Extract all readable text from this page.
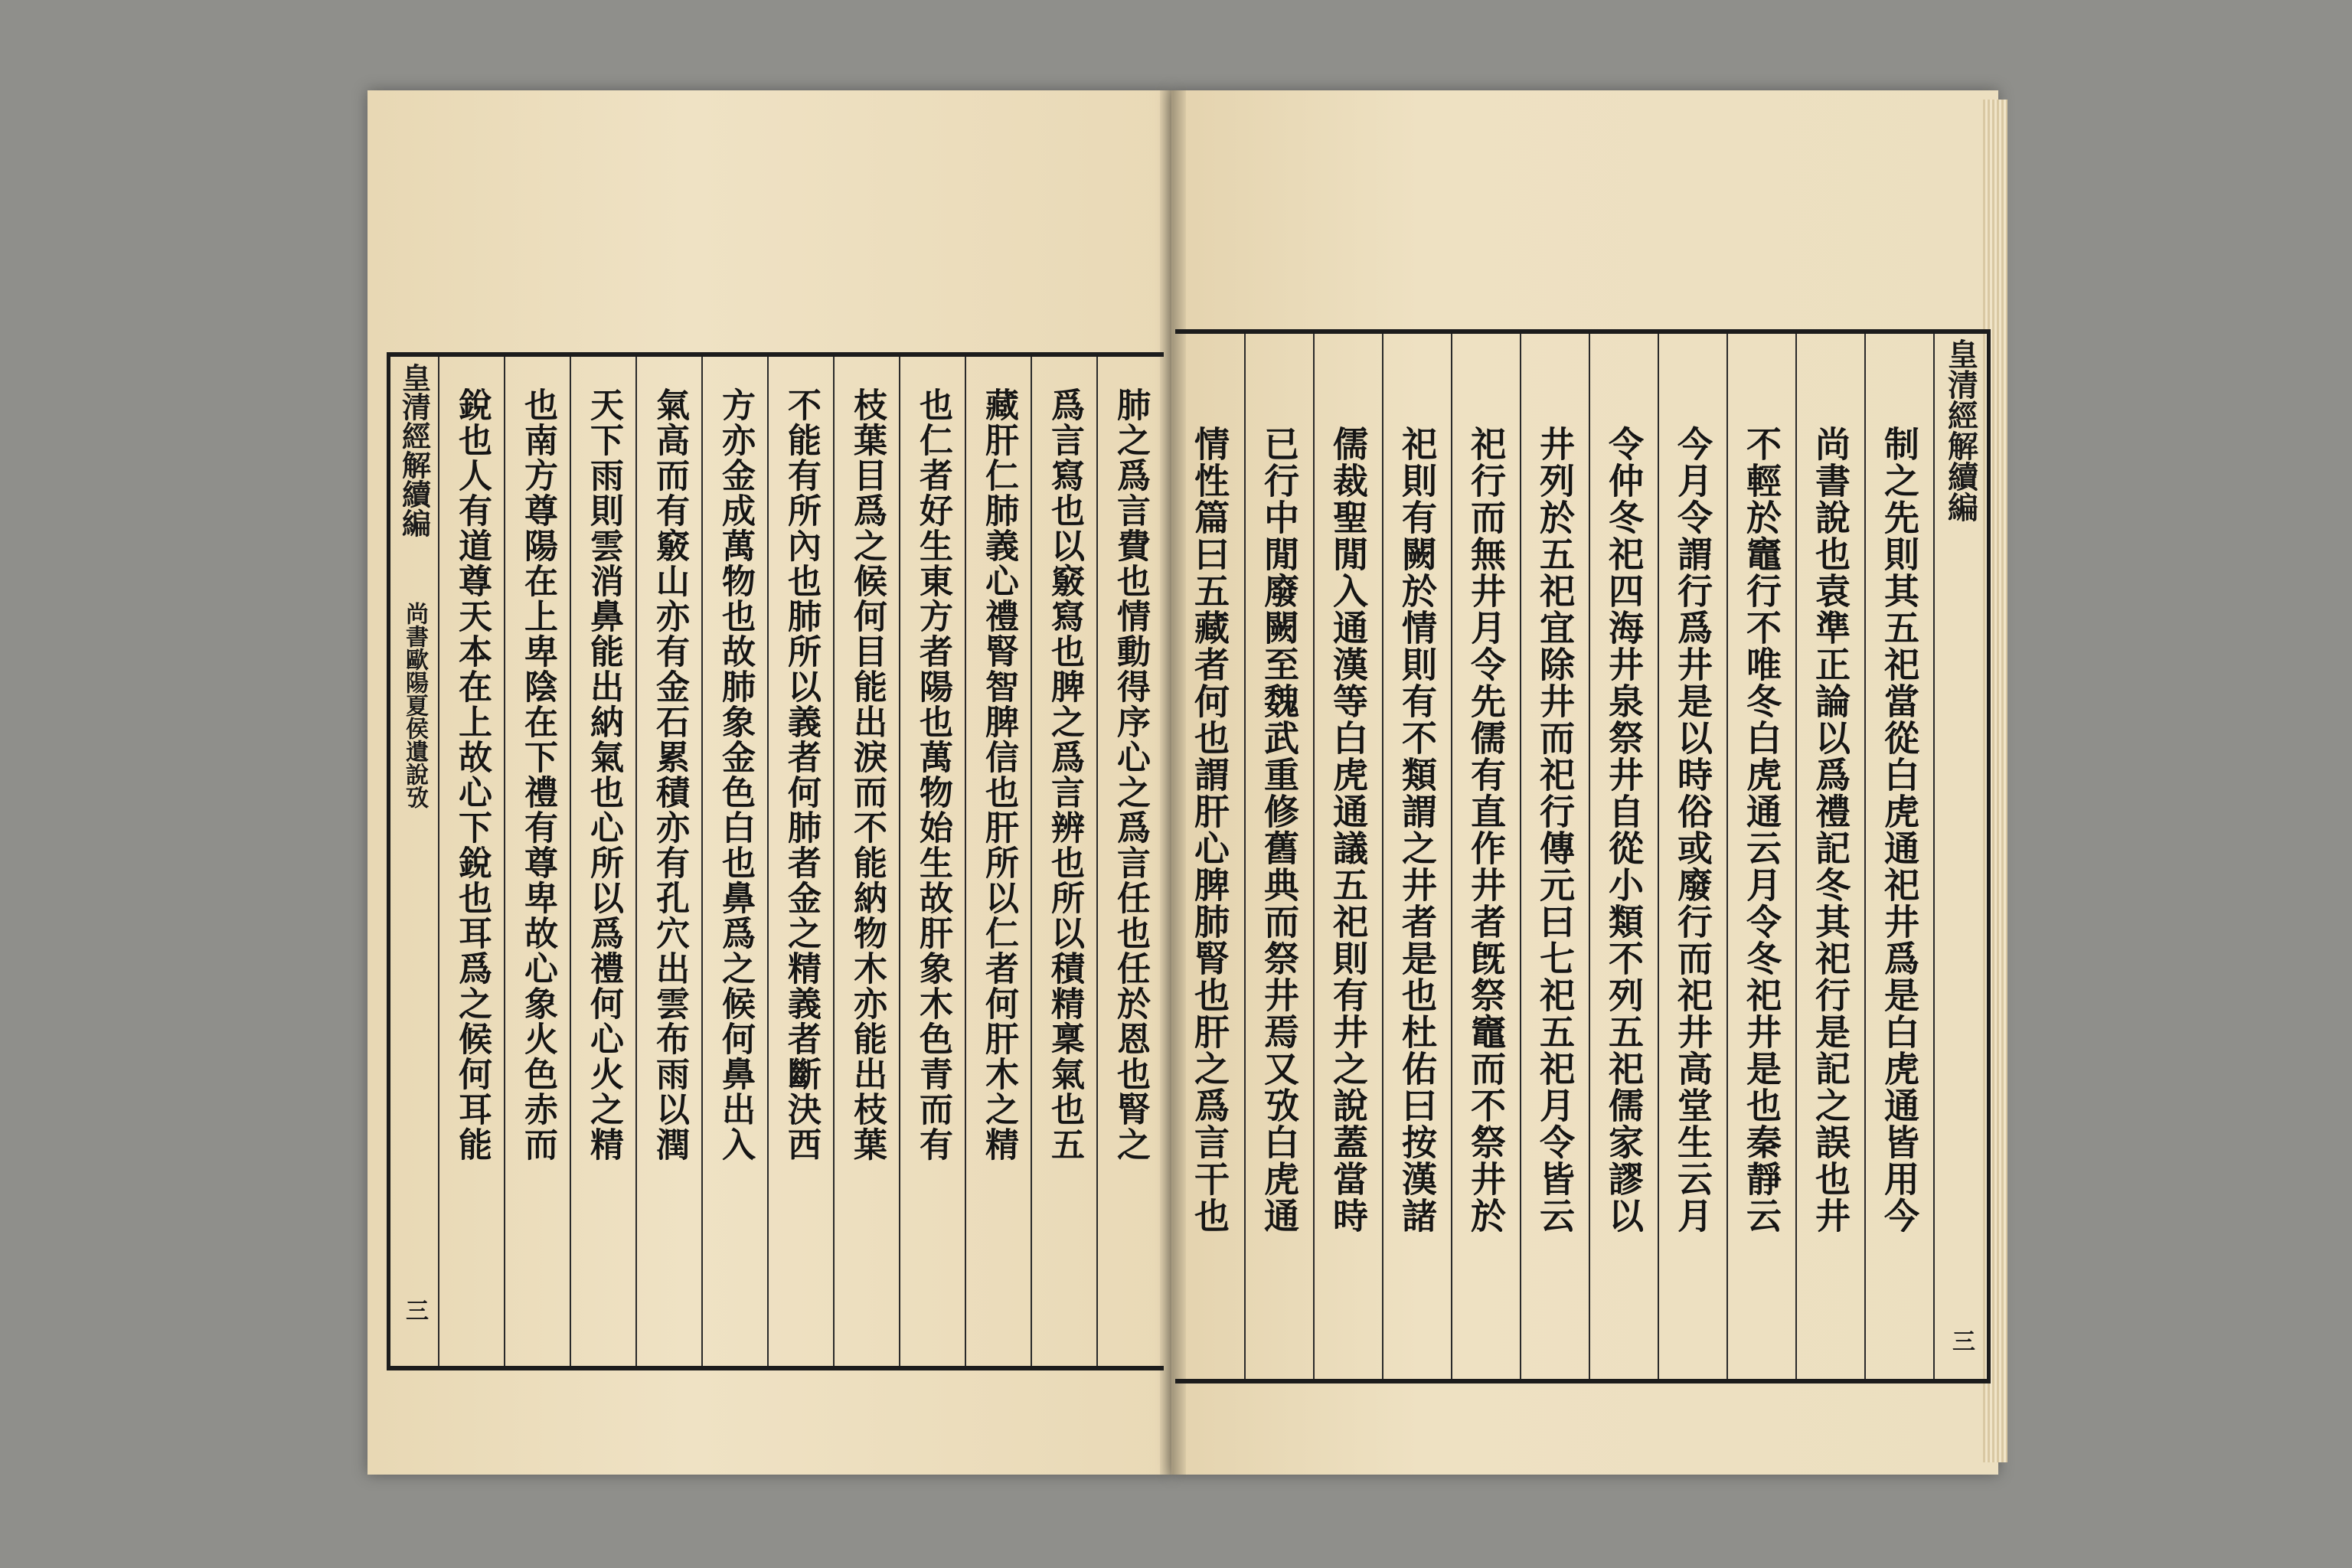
皇清經解續編
尚書歐陽夏侯遺說攷
三
銳也人有道尊天本在上故心下銳也耳爲之候何耳能 也南方尊陽在上卑陰在下禮有尊卑故心象火色赤而 天下雨則雲消鼻能出納氣也心所以爲禮何心火之精 氣高而有竅山亦有金石累積亦有孔穴出雲布雨以潤 方亦金成萬物也故肺象金色白也鼻爲之候何鼻出入 不能有所內也肺所以義者何肺者金之精義者斷決西 枝葉目爲之候何目能出淚而不能納物木亦能出枝葉 也仁者好生東方者陽也萬物始生故肝象木色青而有 藏肝仁肺義心禮腎智脾信也肝所以仁者何肝木之精 爲言寫也以竅寫也脾之爲言辨也所以積精稟氣也五 肺之爲言費也情動得序心之爲言任也任於恩也腎之 情性篇曰五藏者何也謂肝心脾肺腎也肝之爲言干也 已行中閒廢闕至魏武重修舊典而祭井焉又攷白虎通 儒裁聖閒入通漢等白虎通議五祀則有井之說蓋當時 祀則有闕於情則有不類謂之井者是也杜佑曰按漢諸 祀行而無井月令先儒有直作井者旣祭竈而不祭井於 井列於五祀宜除井而祀行傳元曰七祀五祀月令皆云 令仲冬祀四海井泉祭井自從小類不列五祀儒家謬以 今月令謂行爲井是以時俗或廢行而祀井高堂生云月 不輕於竈行不唯冬白虎通云月令冬祀井是也秦靜云 尚書說也袁準正論以爲禮記冬其祀行是記之誤也井 制之先則其五祀當從白虎通祀井爲是白虎通皆用今 皇清經解續編
三
